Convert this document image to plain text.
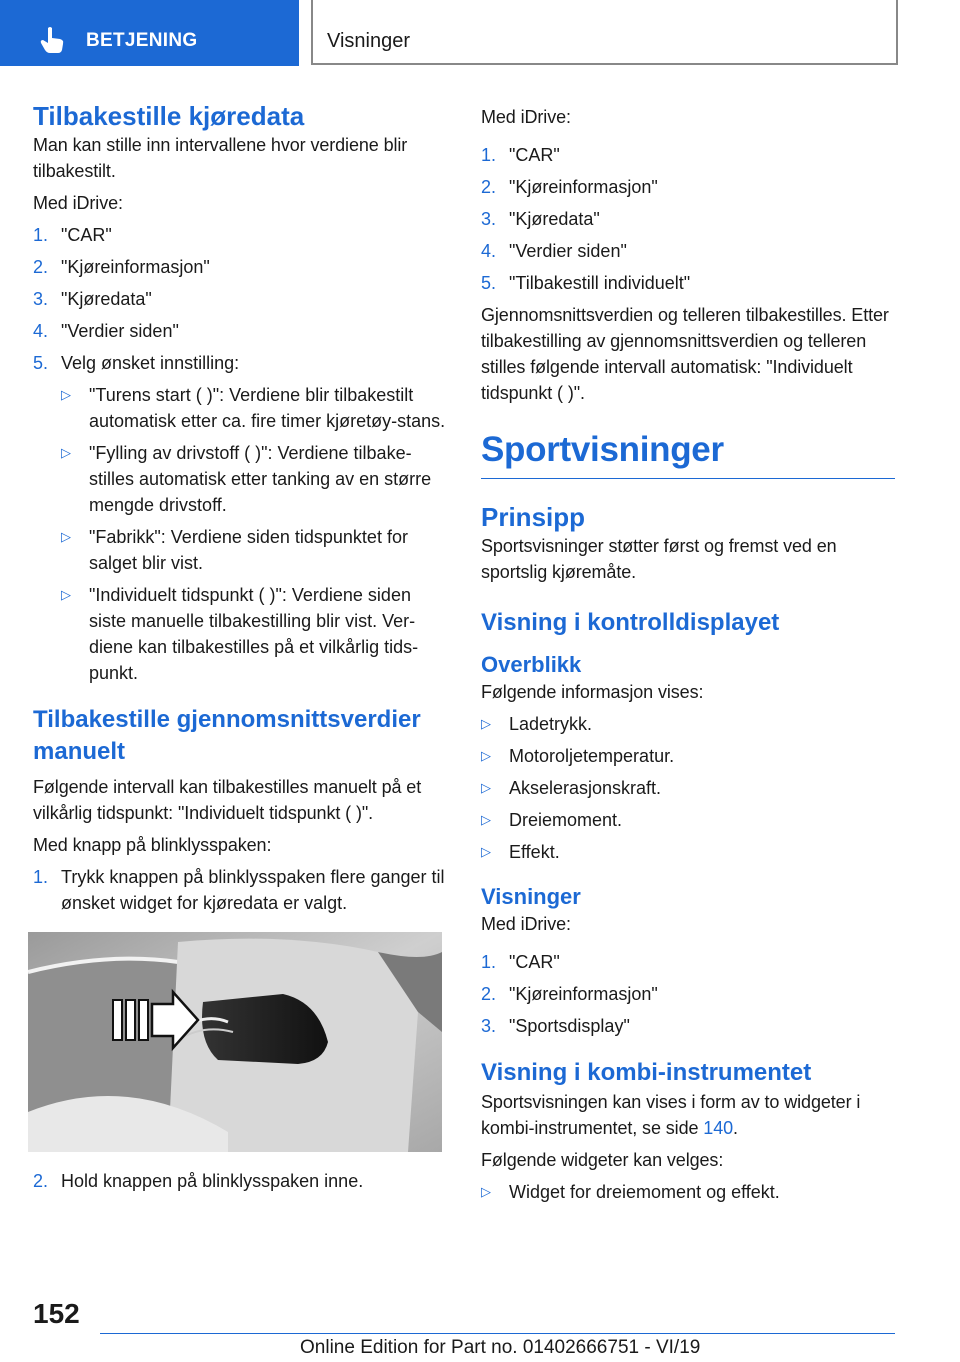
BETJENING	Visninger
Tilbakestille kjøredata

Man kan stille inn intervallene hvor verdiene blir tilbakestilt.

Med iDrive:

1. "CAR"
2. "Kjøreinformasjon"
3. "Kjøredata"
4. "Verdier siden"
5. Velg ønsket innstilling:
▷ "Turens start ( )": Verdiene blir tilbakestilt automatisk etter ca. fire timer kjøretøy-stans.
▷ "Fylling av drivstoff ( )": Verdiene tilbake-stilles automatisk etter tanking av en større mengde drivstoff.
▷ "Fabrikk": Verdiene siden tidspunktet for salget blir vist.
▷ "Individuelt tidspunkt ( )": Verdiene siden siste manuelle tilbakestilling blir vist. Ver-diene kan tilbakestilles på et vilkårlig tids-punkt.
Tilbakestille gjennomsnittsverdier manuelt

Følgende intervall kan tilbakestilles manuelt på et vilkårlig tidspunkt: "Individuelt tidspunkt ( )".

Med knapp på blinklysspaken:

1. Trykk knappen på blinklysspaken flere ganger til ønsket widget for kjøredata er valgt.
2. Hold knappen på blinklysspaken inne.

Med iDrive:

1. "CAR"
2. "Kjøreinformasjon"
3. "Kjøredata"
4. "Verdier siden"
5. "Tilbakestill individuelt"

Gjennomsnittsverdien og telleren tilbakestilles. Etter tilbakestilling av gjennomsnittsverdien og telleren stilles følgende intervall automatisk: "Individuelt tidspunkt ( )".

Sportvisninger
Prinsipp

Sportsvisninger støtter først og fremst ved en sportslig kjøremåte.

Visning i kontrolldisplayet
Overblikk

Følgende informasjon vises:

▷ Ladetrykk.
▷ Motoroljetemperatur.
▷ Akselerasjonskraft.
▷ Dreiemoment.
▷ Effekt.
Visninger

Med iDrive:

1. "CAR"
2. "Kjøreinformasjon"
3. "Sportsdisplay"
Visning i kombi-instrumentet

Sportsvisningen kan vises i form av to widgeter i kombi-instrumentet, se side 140.

Følgende widgeter kan velges:

▷ Widget for dreiemoment og effekt.
152
Online Edition for Part no. 01402666751 - VI/19
